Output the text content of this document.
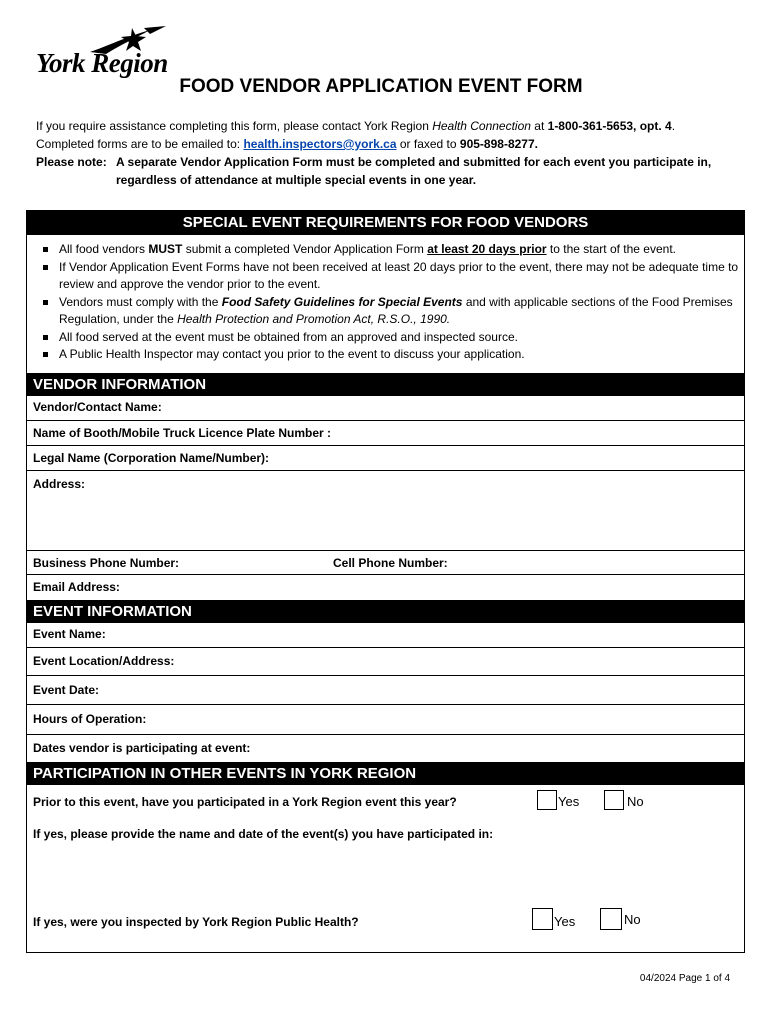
York Region
FOOD VENDOR APPLICATION EVENT FORM
If you require assistance completing this form, please contact York Region Health Connection at 1-800-361-5653, opt. 4.
Completed forms are to be emailed to: health.inspectors@york.ca or faxed to 905-898-8277.
Please note: A separate Vendor Application Form must be completed and submitted for each event you participate in, regardless of attendance at multiple special events in one year.
SPECIAL EVENT REQUIREMENTS FOR FOOD VENDORS
All food vendors MUST submit a completed Vendor Application Form at least 20 days prior to the start of the event.
If Vendor Application Event Forms have not been received at least 20 days prior to the event, there may not be adequate time to review and approve the vendor prior to the event.
Vendors must comply with the Food Safety Guidelines for Special Events and with applicable sections of the Food Premises Regulation, under the Health Protection and Promotion Act, R.S.O., 1990.
All food served at the event must be obtained from an approved and inspected source.
A Public Health Inspector may contact you prior to the event to discuss your application.
VENDOR INFORMATION
Vendor/Contact Name:
Name of Booth/Mobile Truck Licence Plate Number :
Legal Name (Corporation Name/Number):
Address:
Business Phone Number:	Cell Phone Number:
Email Address:
EVENT INFORMATION
Event Name:
Event Location/Address:
Event Date:
Hours of Operation:
Dates vendor is participating at event:
PARTICIPATION IN OTHER EVENTS IN YORK REGION
Prior to this event, have you participated in a York Region event this year?	Yes	No
If yes, please provide the name and date of the event(s) you have participated in:
If yes, were you inspected by York Region Public Health?	Yes	No
04/2024 Page 1 of 4
